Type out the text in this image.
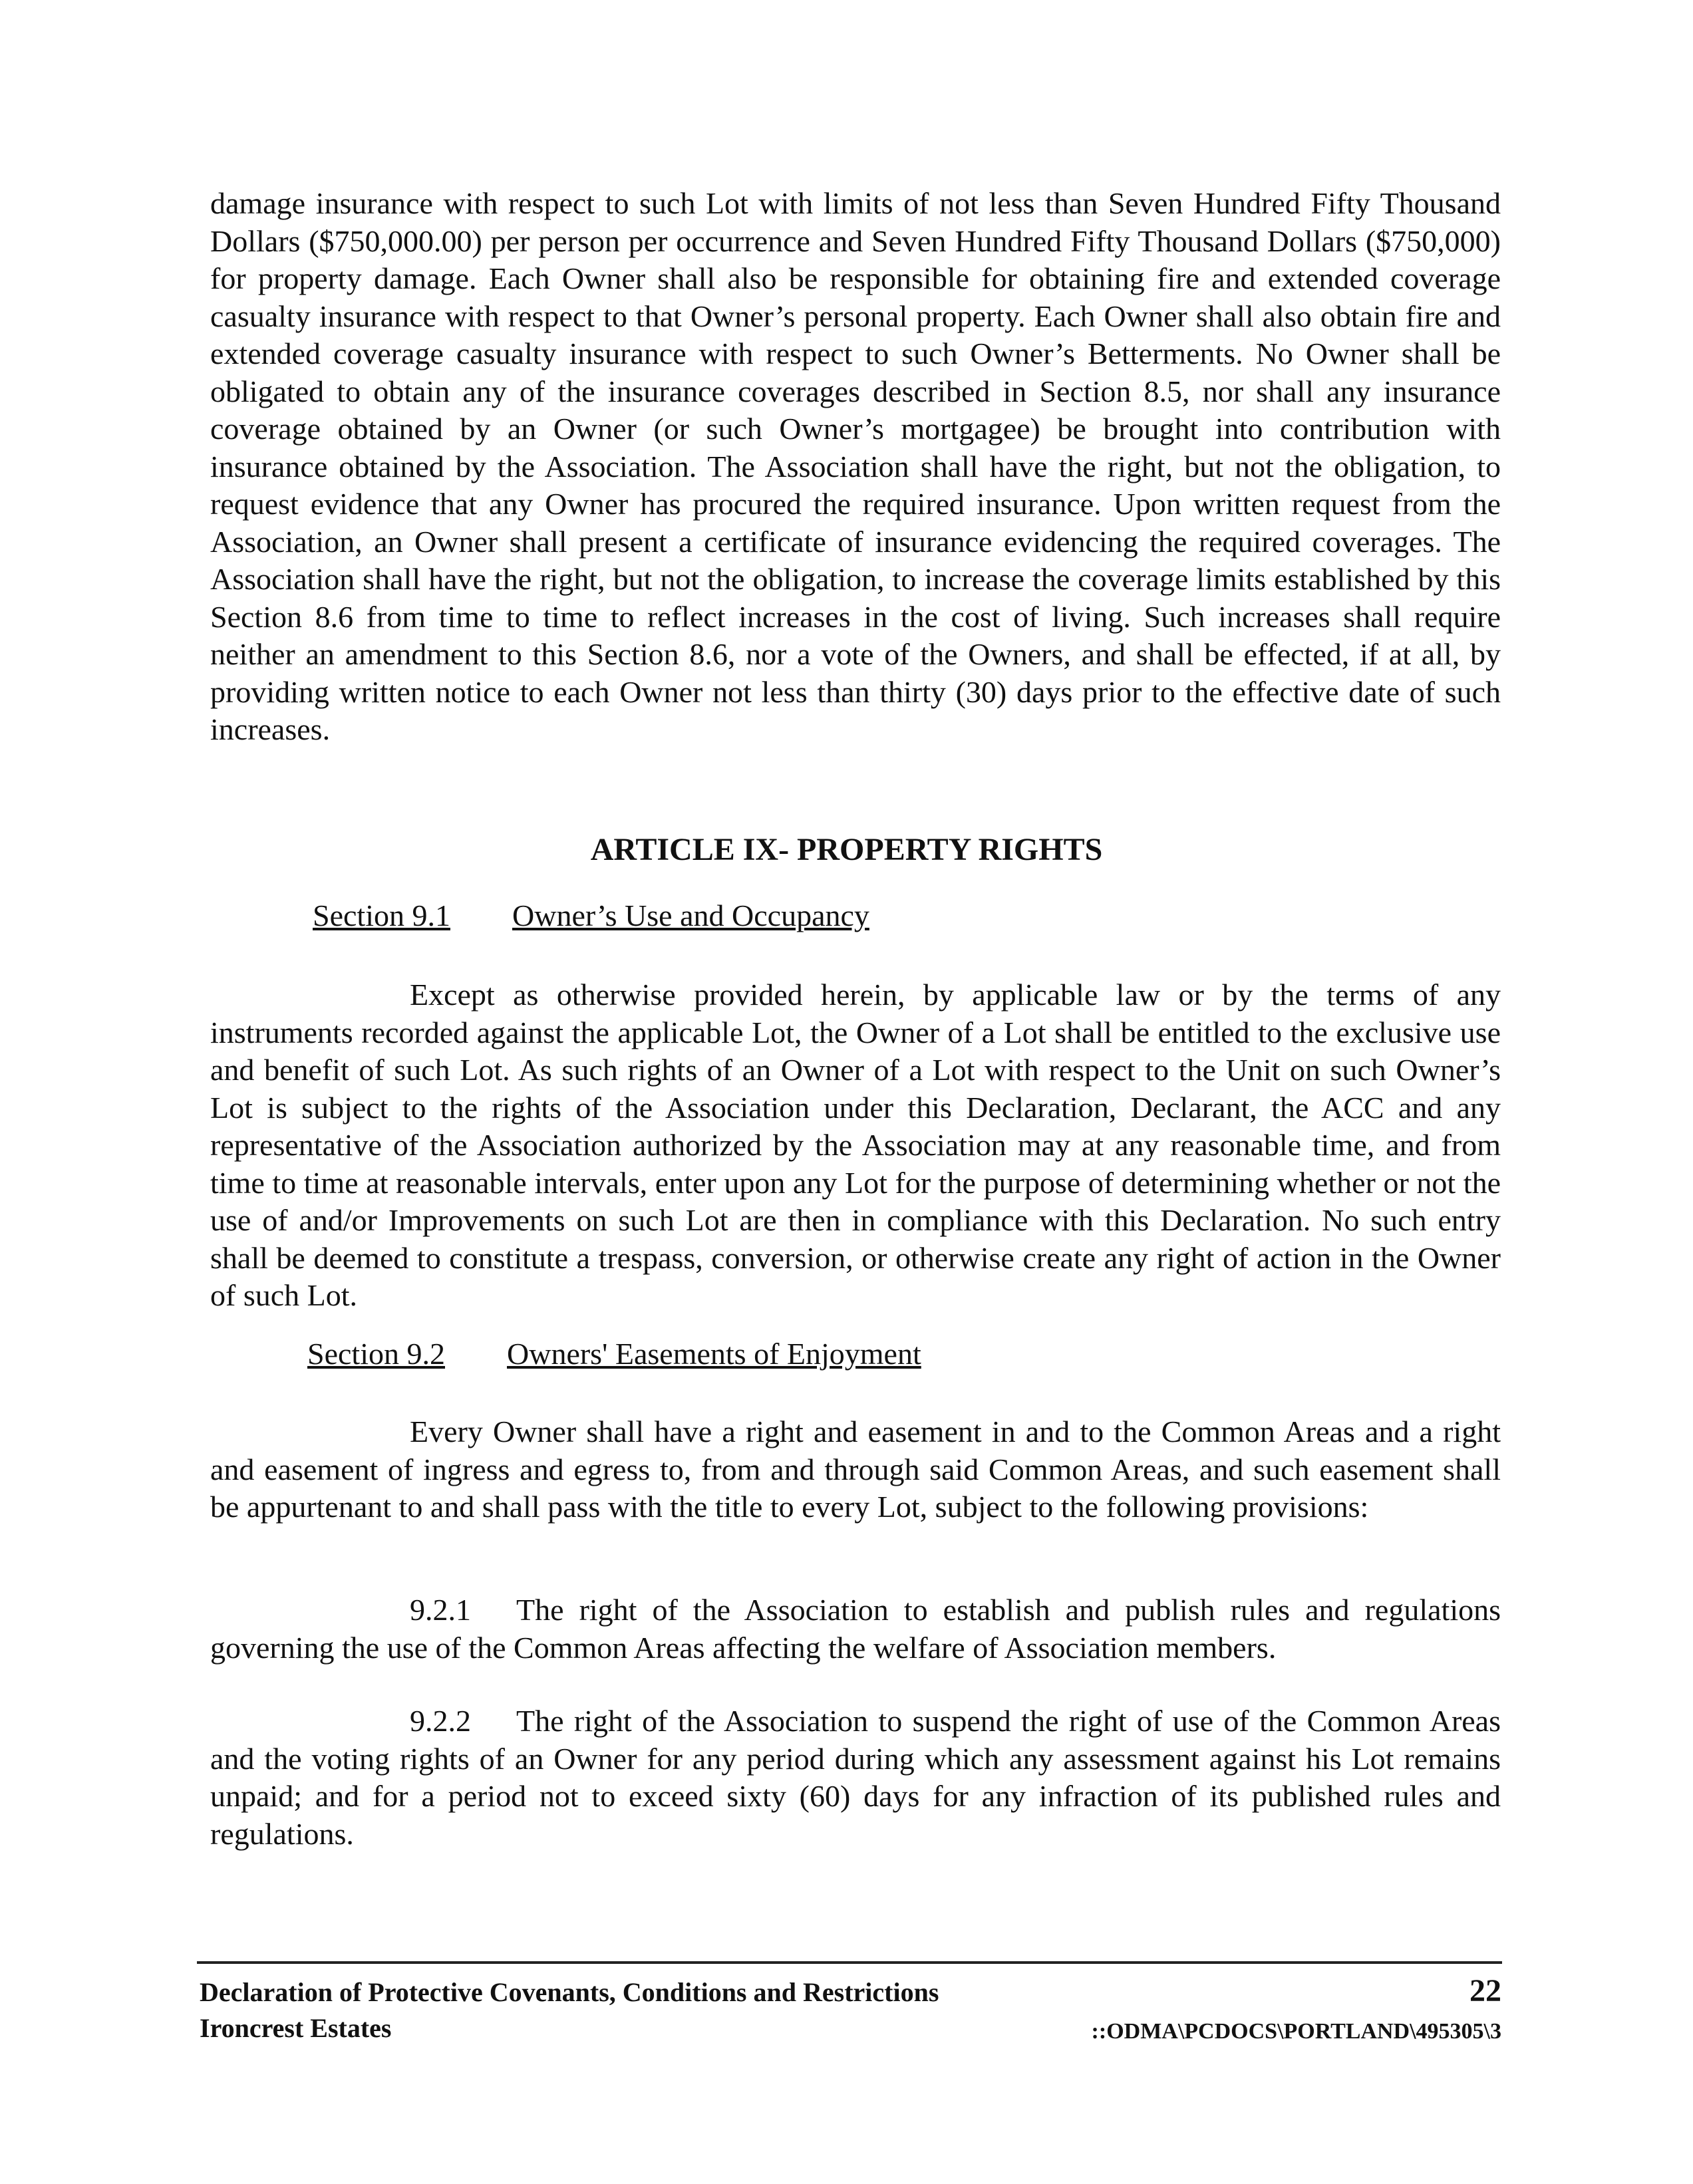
damage insurance with respect to such Lot with limits of not less than Seven Hundred Fifty Thousand Dollars ($750,000.00) per person per occurrence and Seven Hundred Fifty Thousand Dollars ($750,000) for property damage. Each Owner shall also be responsible for obtaining fire and extended coverage casualty insurance with respect to that Owner’s personal property. Each Owner shall also obtain fire and extended coverage casualty insurance with respect to such Owner’s Betterments. No Owner shall be obligated to obtain any of the insurance coverages described in Section 8.5, nor shall any insurance coverage obtained by an Owner (or such Owner’s mortgagee) be brought into contribution with insurance obtained by the Association. The Association shall have the right, but not the obligation, to request evidence that any Owner has procured the required insurance. Upon written request from the Association, an Owner shall present a certificate of insurance evidencing the required coverages. The Association shall have the right, but not the obligation, to increase the coverage limits established by this Section 8.6 from time to time to reflect increases in the cost of living. Such increases shall require neither an amendment to this Section 8.6, nor a vote of the Owners, and shall be effected, if at all, by providing written notice to each Owner not less than thirty (30) days prior to the effective date of such increases.

ARTICLE IX- PROPERTY RIGHTS
Section 9.1 Owner’s Use and Occupancy

Except as otherwise provided herein, by applicable law or by the terms of any instruments recorded against the applicable Lot, the Owner of a Lot shall be entitled to the exclusive use and benefit of such Lot. As such rights of an Owner of a Lot with respect to the Unit on such Owner’s Lot is subject to the rights of the Association under this Declaration, Declarant, the ACC and any representative of the Association authorized by the Association may at any reasonable time, and from time to time at reasonable intervals, enter upon any Lot for the purpose of determining whether or not the use of and/or Improvements on such Lot are then in compliance with this Declaration. No such entry shall be deemed to constitute a trespass, conversion, or otherwise create any right of action in the Owner of such Lot.

Section 9.2 Owners' Easements of Enjoyment

Every Owner shall have a right and easement in and to the Common Areas and a right and easement of ingress and egress to, from and through said Common Areas, and such easement shall be appurtenant to and shall pass with the title to every Lot, subject to the following provisions:

9.2.1 The right of the Association to establish and publish rules and regulations governing the use of the Common Areas affecting the welfare of Association members.

9.2.2 The right of the Association to suspend the right of use of the Common Areas and the voting rights of an Owner for any period during which any assessment against his Lot remains unpaid; and for a period not to exceed sixty (60) days for any infraction of its published rules and regulations.

Declaration of Protective Covenants, Conditions and Restrictions
Ironcrest Estates
22
::ODMA\PCDOCS\PORTLAND\495305\3
